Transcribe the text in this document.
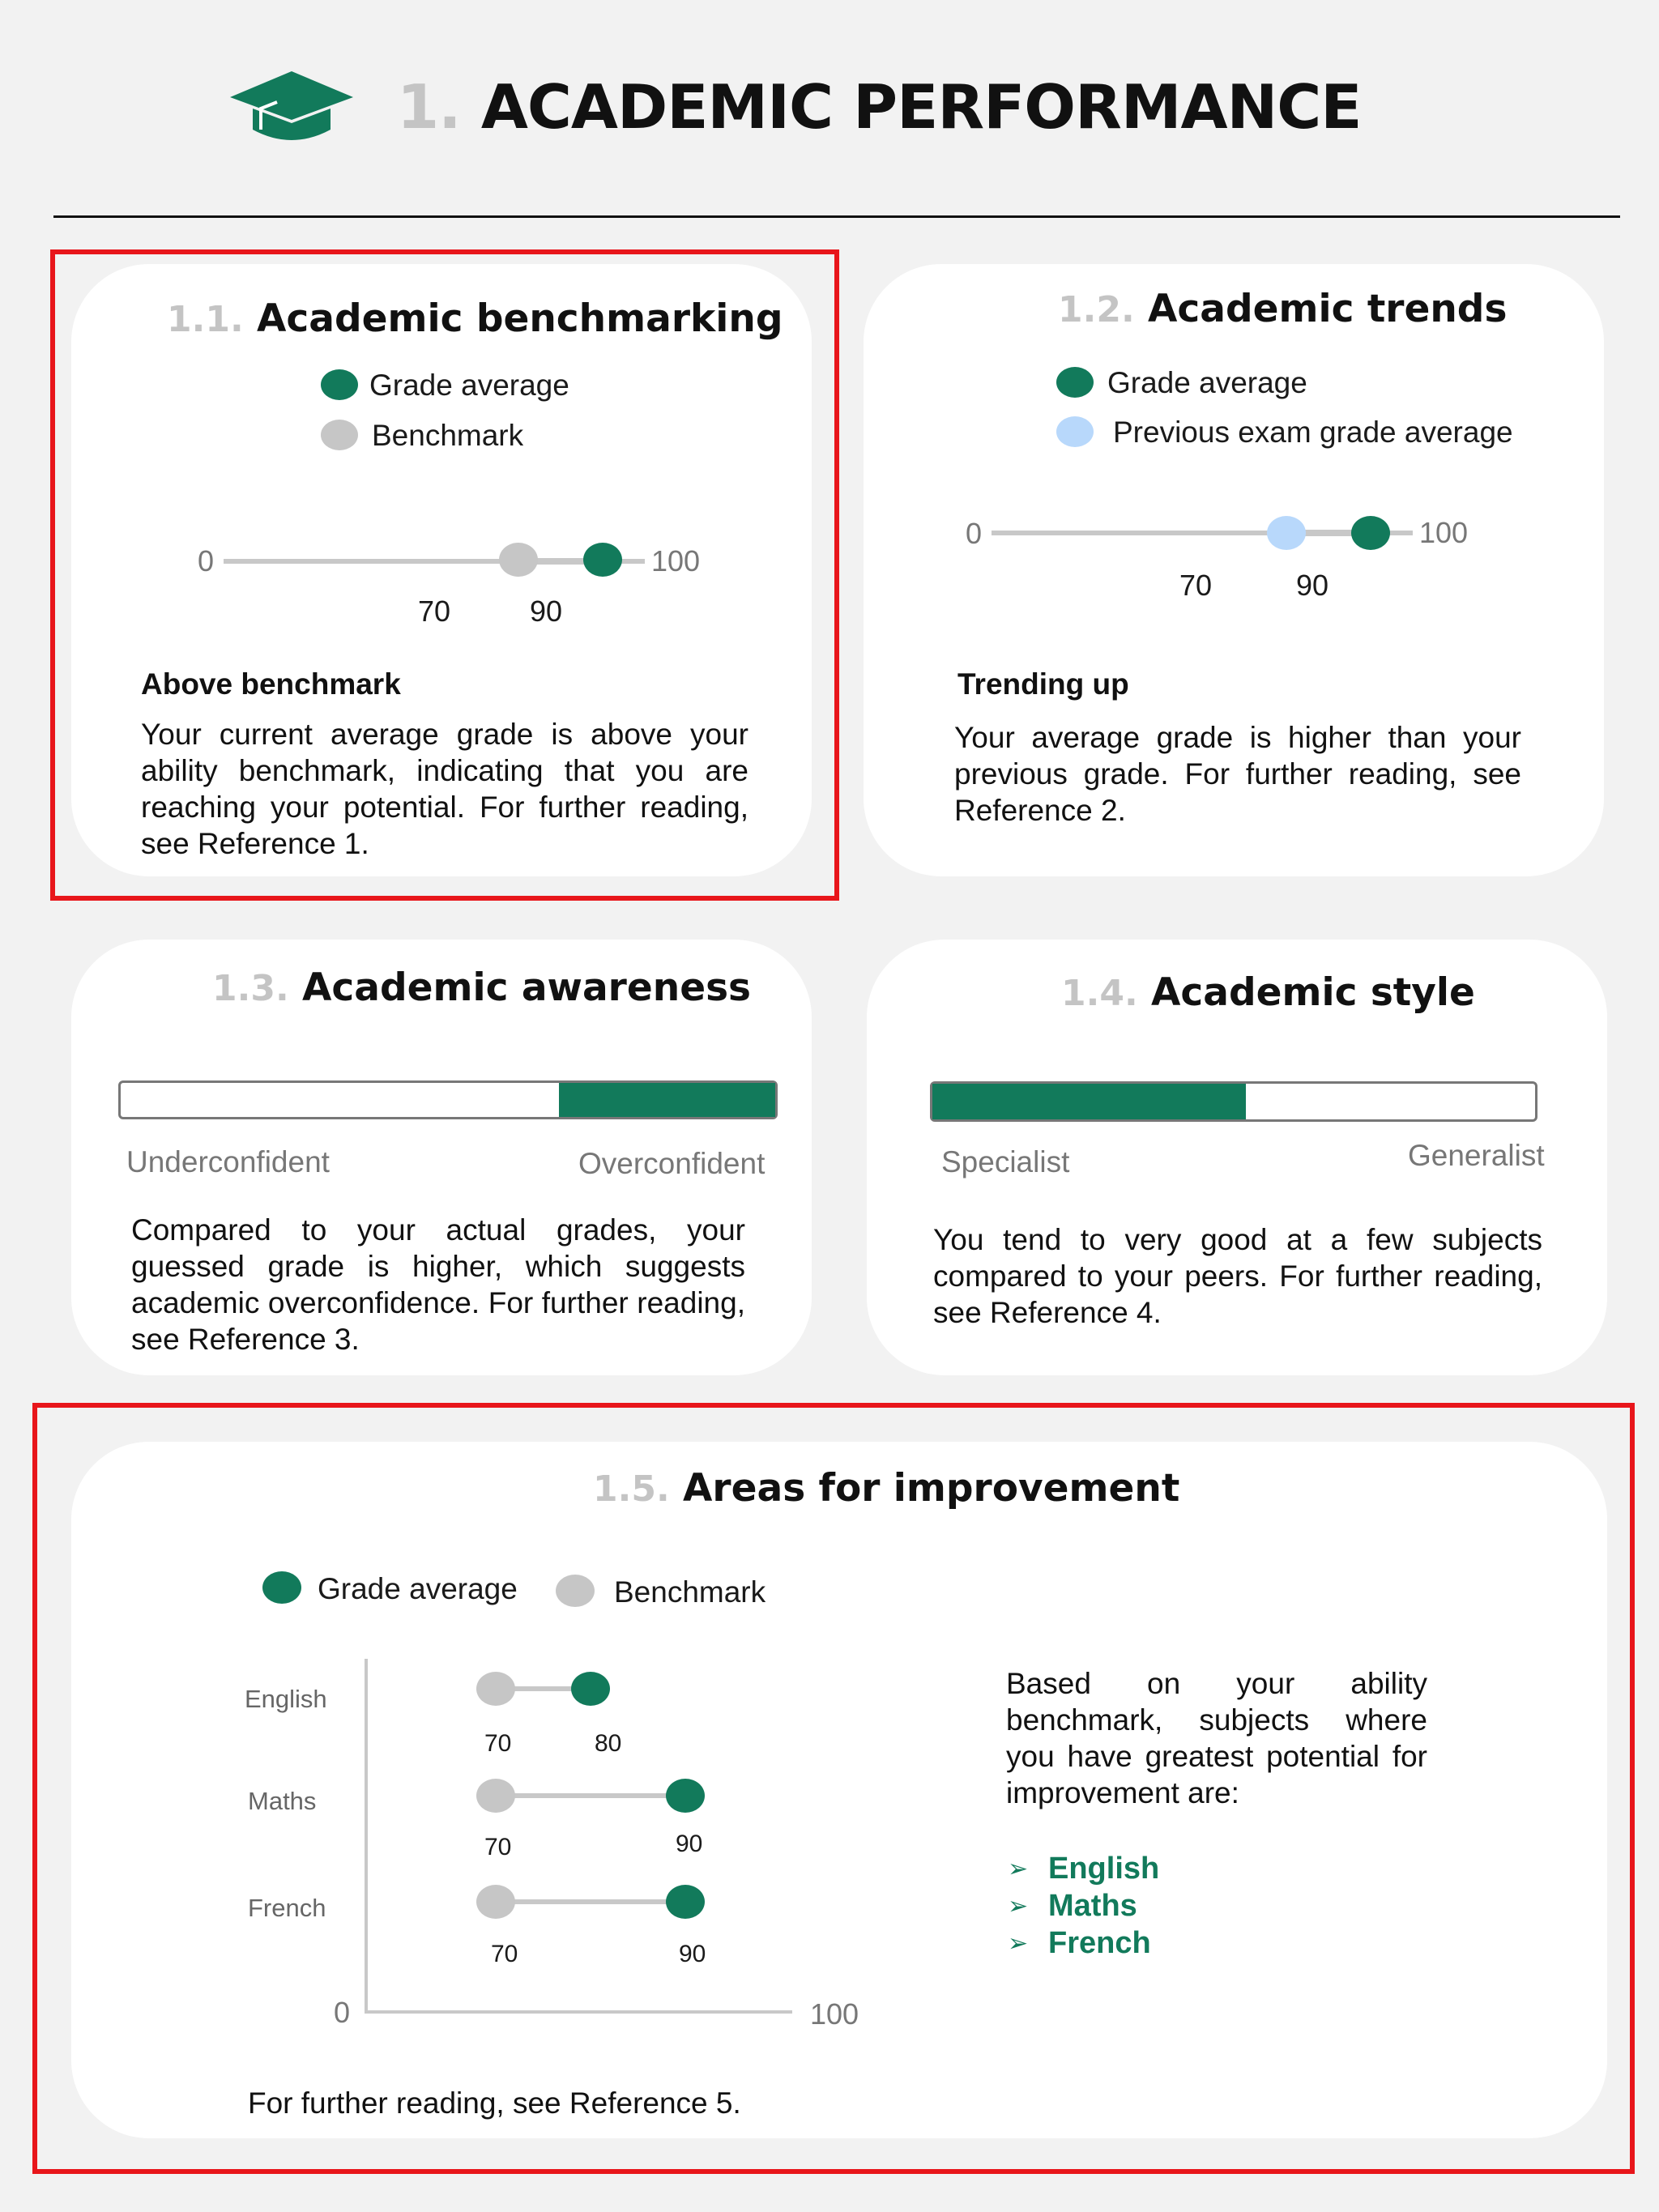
1. ACADEMIC PERFORMANCE
1.1. Academic benchmarking
Grade average
Benchmark
0	100
70	90
Above benchmark
Your current average grade is above your ability benchmark, indicating that you are reaching your potential. For further reading, see Reference 1.
1.2. Academic trends
Grade average
Previous exam grade average
0	100
70	90
Trending up
Your average grade is higher than your previous grade. For further reading, see Reference 2.
1.3. Academic awareness
Underconfident	Overconfident
Compared to your actual grades, your guessed grade is higher, which suggests academic overconfidence. For further reading, see Reference 3.
1.4. Academic style
Specialist	Generalist
You tend to very good at a few subjects compared to your peers. For further reading, see Reference 4.
1.5. Areas for improvement
Grade average	Benchmark
0	100
English
70	80
Maths
70	90
French
70	90
Based on your ability benchmark, subjects where you have greatest potential for improvement are:
➢ English
➢ Maths
➢ French
For further reading, see Reference 5.
